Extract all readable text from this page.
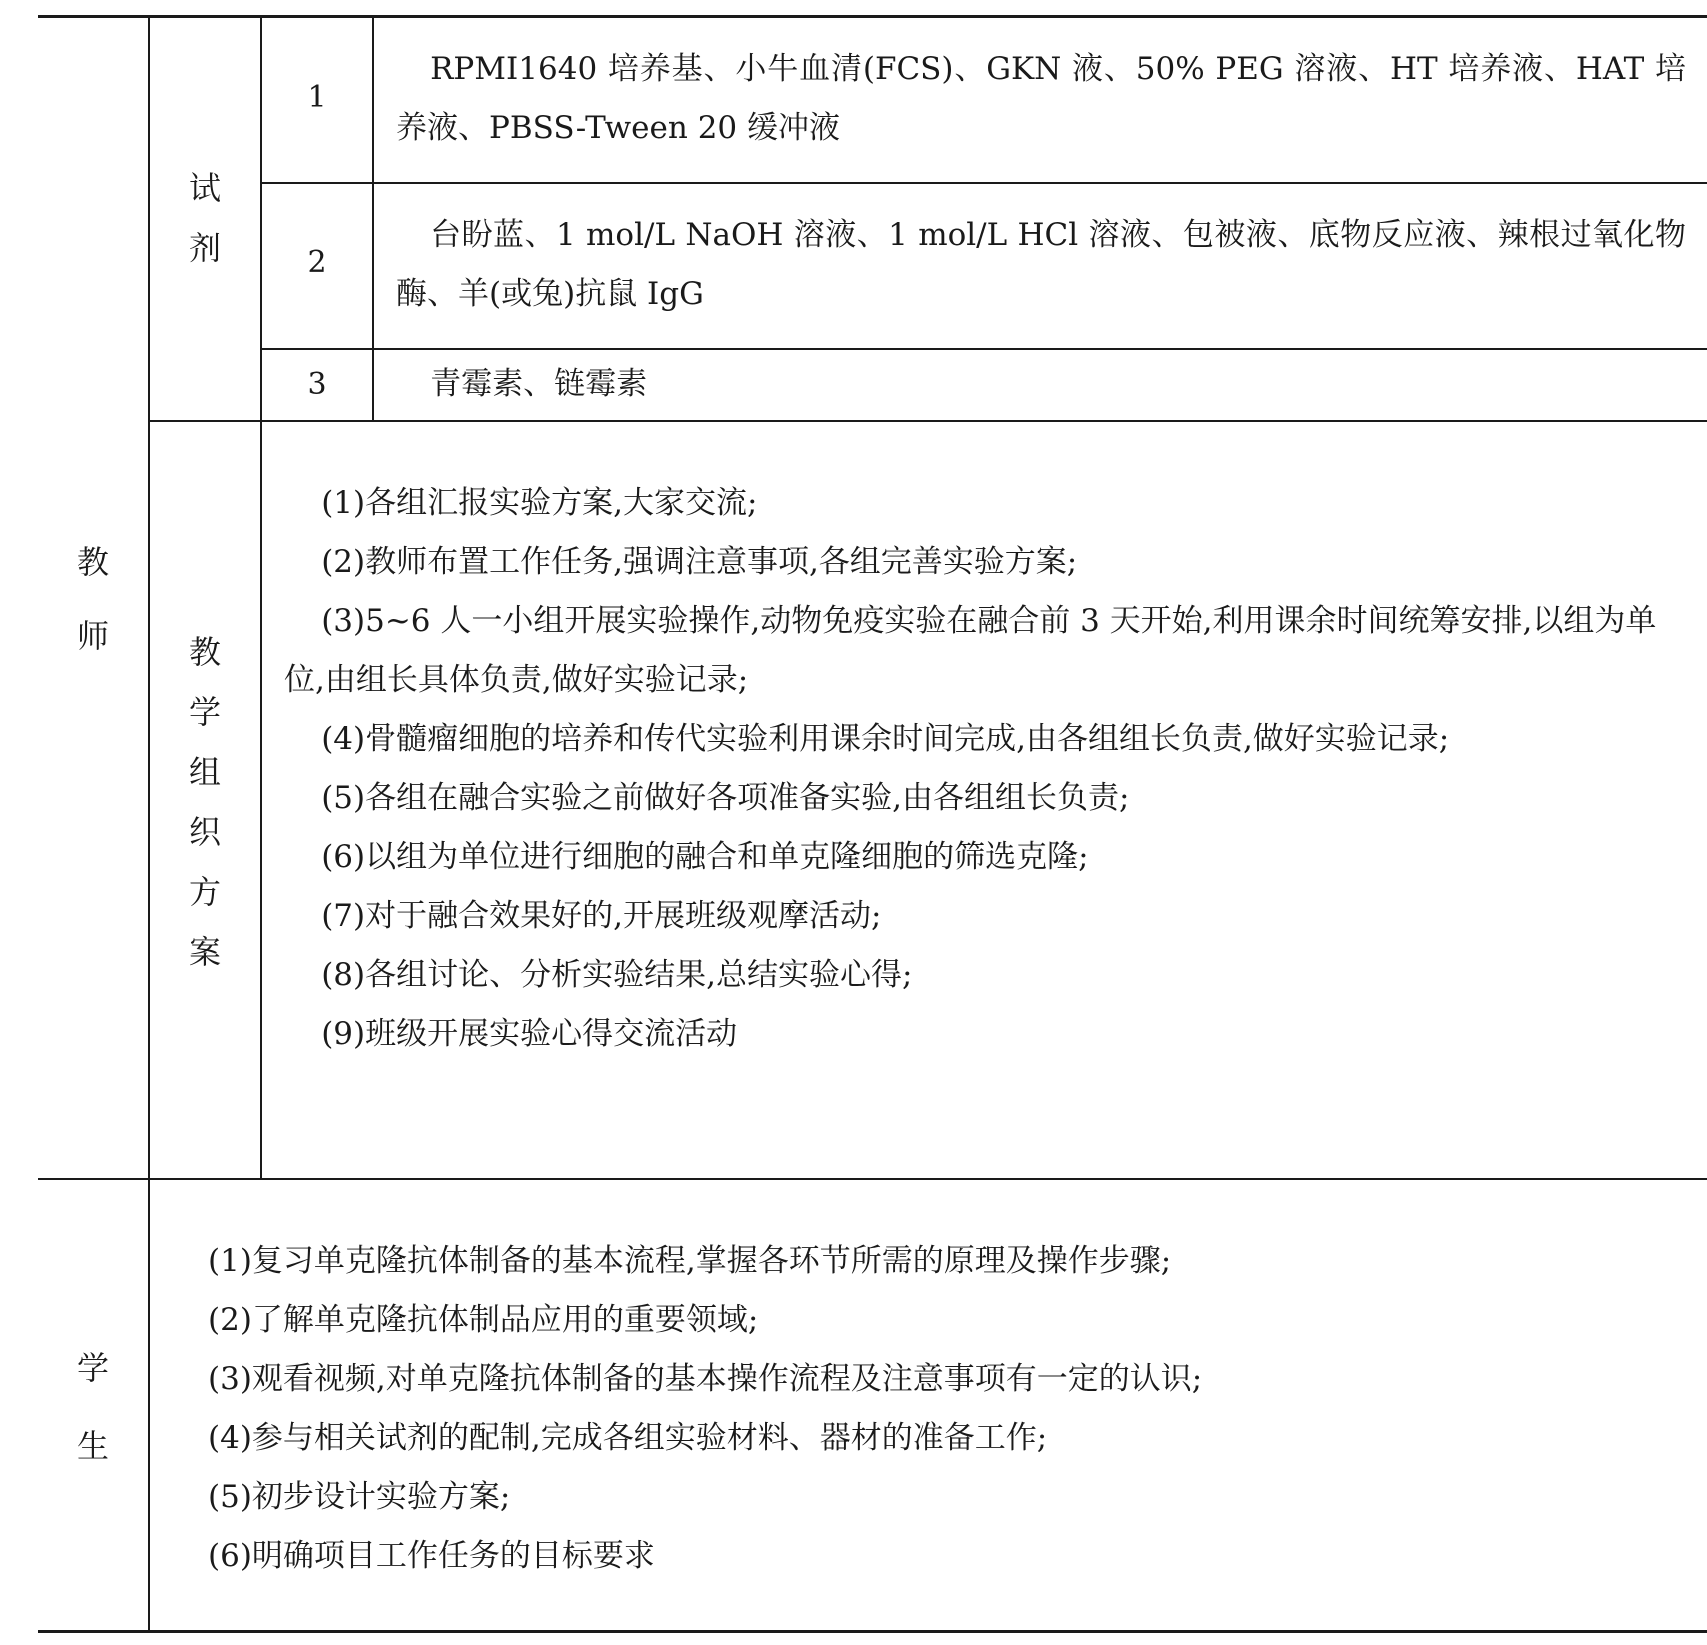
教
师
试
剂
1

RPMI1640 培养基、小牛血清(FCS)、GKN 液、50% PEG 溶液、HT 培养液、HAT 培养液、PBSS-Tween 20 缓冲液

2

台盼蓝、1 mol/L NaOH 溶液、1 mol/L HCl 溶液、包被液、底物反应液、辣根过氧化物酶、羊(或兔)抗鼠 IgG

3	青霉素、链霉素

教
学
组
织
方
案
(1)各组汇报实验方案,大家交流;
(2)教师布置工作任务,强调注意事项,各组完善实验方案;
(3)5~6 人一小组开展实验操作,动物免疫实验在融合前 3 天开始,利用课余时间统筹安排,以组为单位,由组长具体负责,做好实验记录;
(4)骨髓瘤细胞的培养和传代实验利用课余时间完成,由各组组长负责,做好实验记录;
(5)各组在融合实验之前做好各项准备实验,由各组组长负责;
(6)以组为单位进行细胞的融合和单克隆细胞的筛选克隆;
(7)对于融合效果好的,开展班级观摩活动;
(8)各组讨论、分析实验结果,总结实验心得;
(9)班级开展实验心得交流活动
学
生
(1)复习单克隆抗体制备的基本流程,掌握各环节所需的原理及操作步骤;
(2)了解单克隆抗体制品应用的重要领域;
(3)观看视频,对单克隆抗体制备的基本操作流程及注意事项有一定的认识;
(4)参与相关试剂的配制,完成各组实验材料、器材的准备工作;
(5)初步设计实验方案;
(6)明确项目工作任务的目标要求
